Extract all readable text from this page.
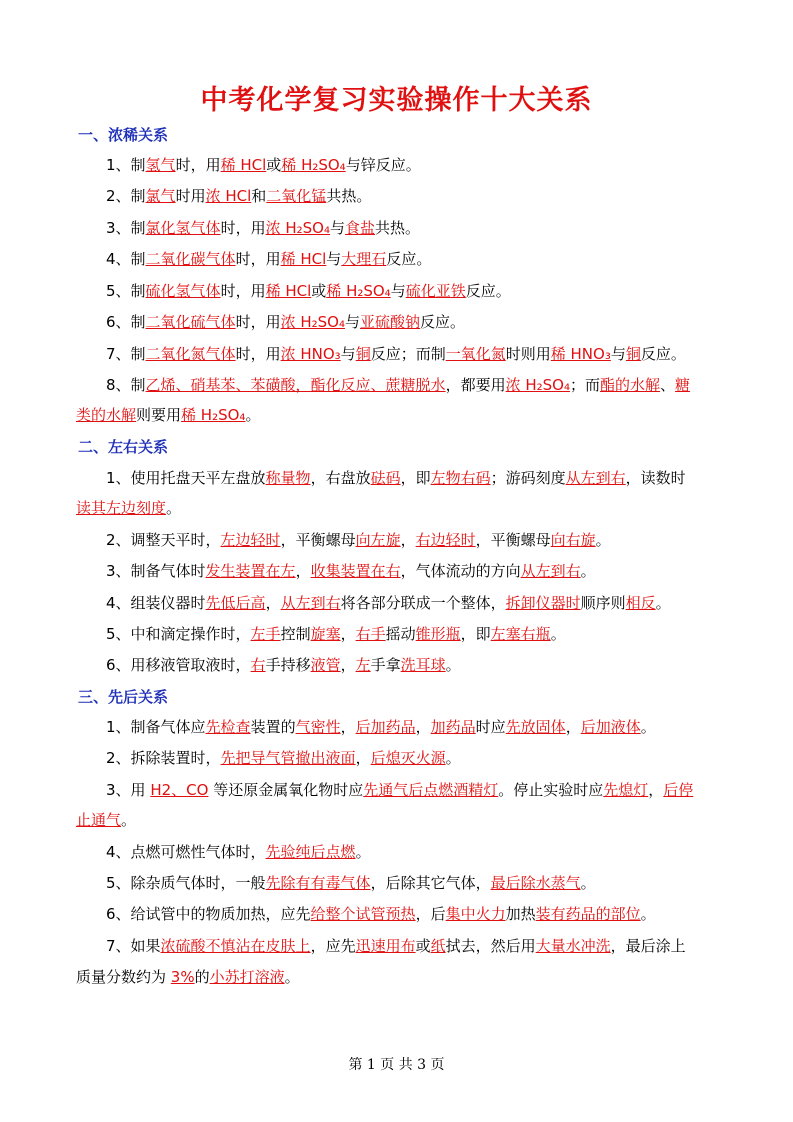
中考化学复习实验操作十大关系
一、浓稀关系
二、左右关系
三、先后关系
1、制氢气时，用稀 HCl或稀 H₂SO₄与锌反应。
2、制氯气时用浓 HCl和二氧化锰共热。
3、制氯化氢气体时，用浓 H₂SO₄与食盐共热。
4、制二氧化碳气体时，用稀 HCl与大理石反应。
5、制硫化氢气体时，用稀 HCl或稀 H₂SO₄与硫化亚铁反应。
6、制二氧化硫气体时，用浓 H₂SO₄与亚硫酸钠反应。
7、制二氧化氮气体时，用浓 HNO₃与铜反应；而制一氧化氮时则用稀 HNO₃与铜反应。
8、制乙烯、硝基苯、苯磺酸，酯化反应、蔗糖脱水，都要用浓 H₂SO₄；而酯的水解、糖
类的水解则要用稀 H₂SO₄。
1、使用托盘天平左盘放称量物，右盘放砝码，即左物右码；游码刻度从左到右，读数时
读其左边刻度。
2、调整天平时，左边轻时，平衡螺母向左旋，右边轻时，平衡螺母向右旋。
3、制备气体时发生装置在左，收集装置在右，气体流动的方向从左到右。
4、组装仪器时先低后高，从左到右将各部分联成一个整体，拆卸仪器时顺序则相反。
5、中和滴定操作时，左手控制旋塞，右手摇动锥形瓶，即左塞右瓶。
6、用移液管取液时，右手持移液管，左手拿洗耳球。
1、制备气体应先检查装置的气密性，后加药品，加药品时应先放固体，后加液体。
2、拆除装置时，先把导气管撤出液面，后熄灭火源。
3、用 H2、CO 等还原金属氧化物时应先通气后点燃酒精灯。停止实验时应先熄灯，后停
止通气。
4、点燃可燃性气体时，先验纯后点燃。
5、除杂质气体时，一般先除有有毒气体，后除其它气体，最后除水蒸气。
6、给试管中的物质加热，应先给整个试管预热，后集中火力加热装有药品的部位。
7、如果浓硫酸不慎沾在皮肤上，应先迅速用布或纸拭去，然后用大量水冲洗，最后涂上
质量分数约为 3%的小苏打溶液。
第 1 页 共 3 页
